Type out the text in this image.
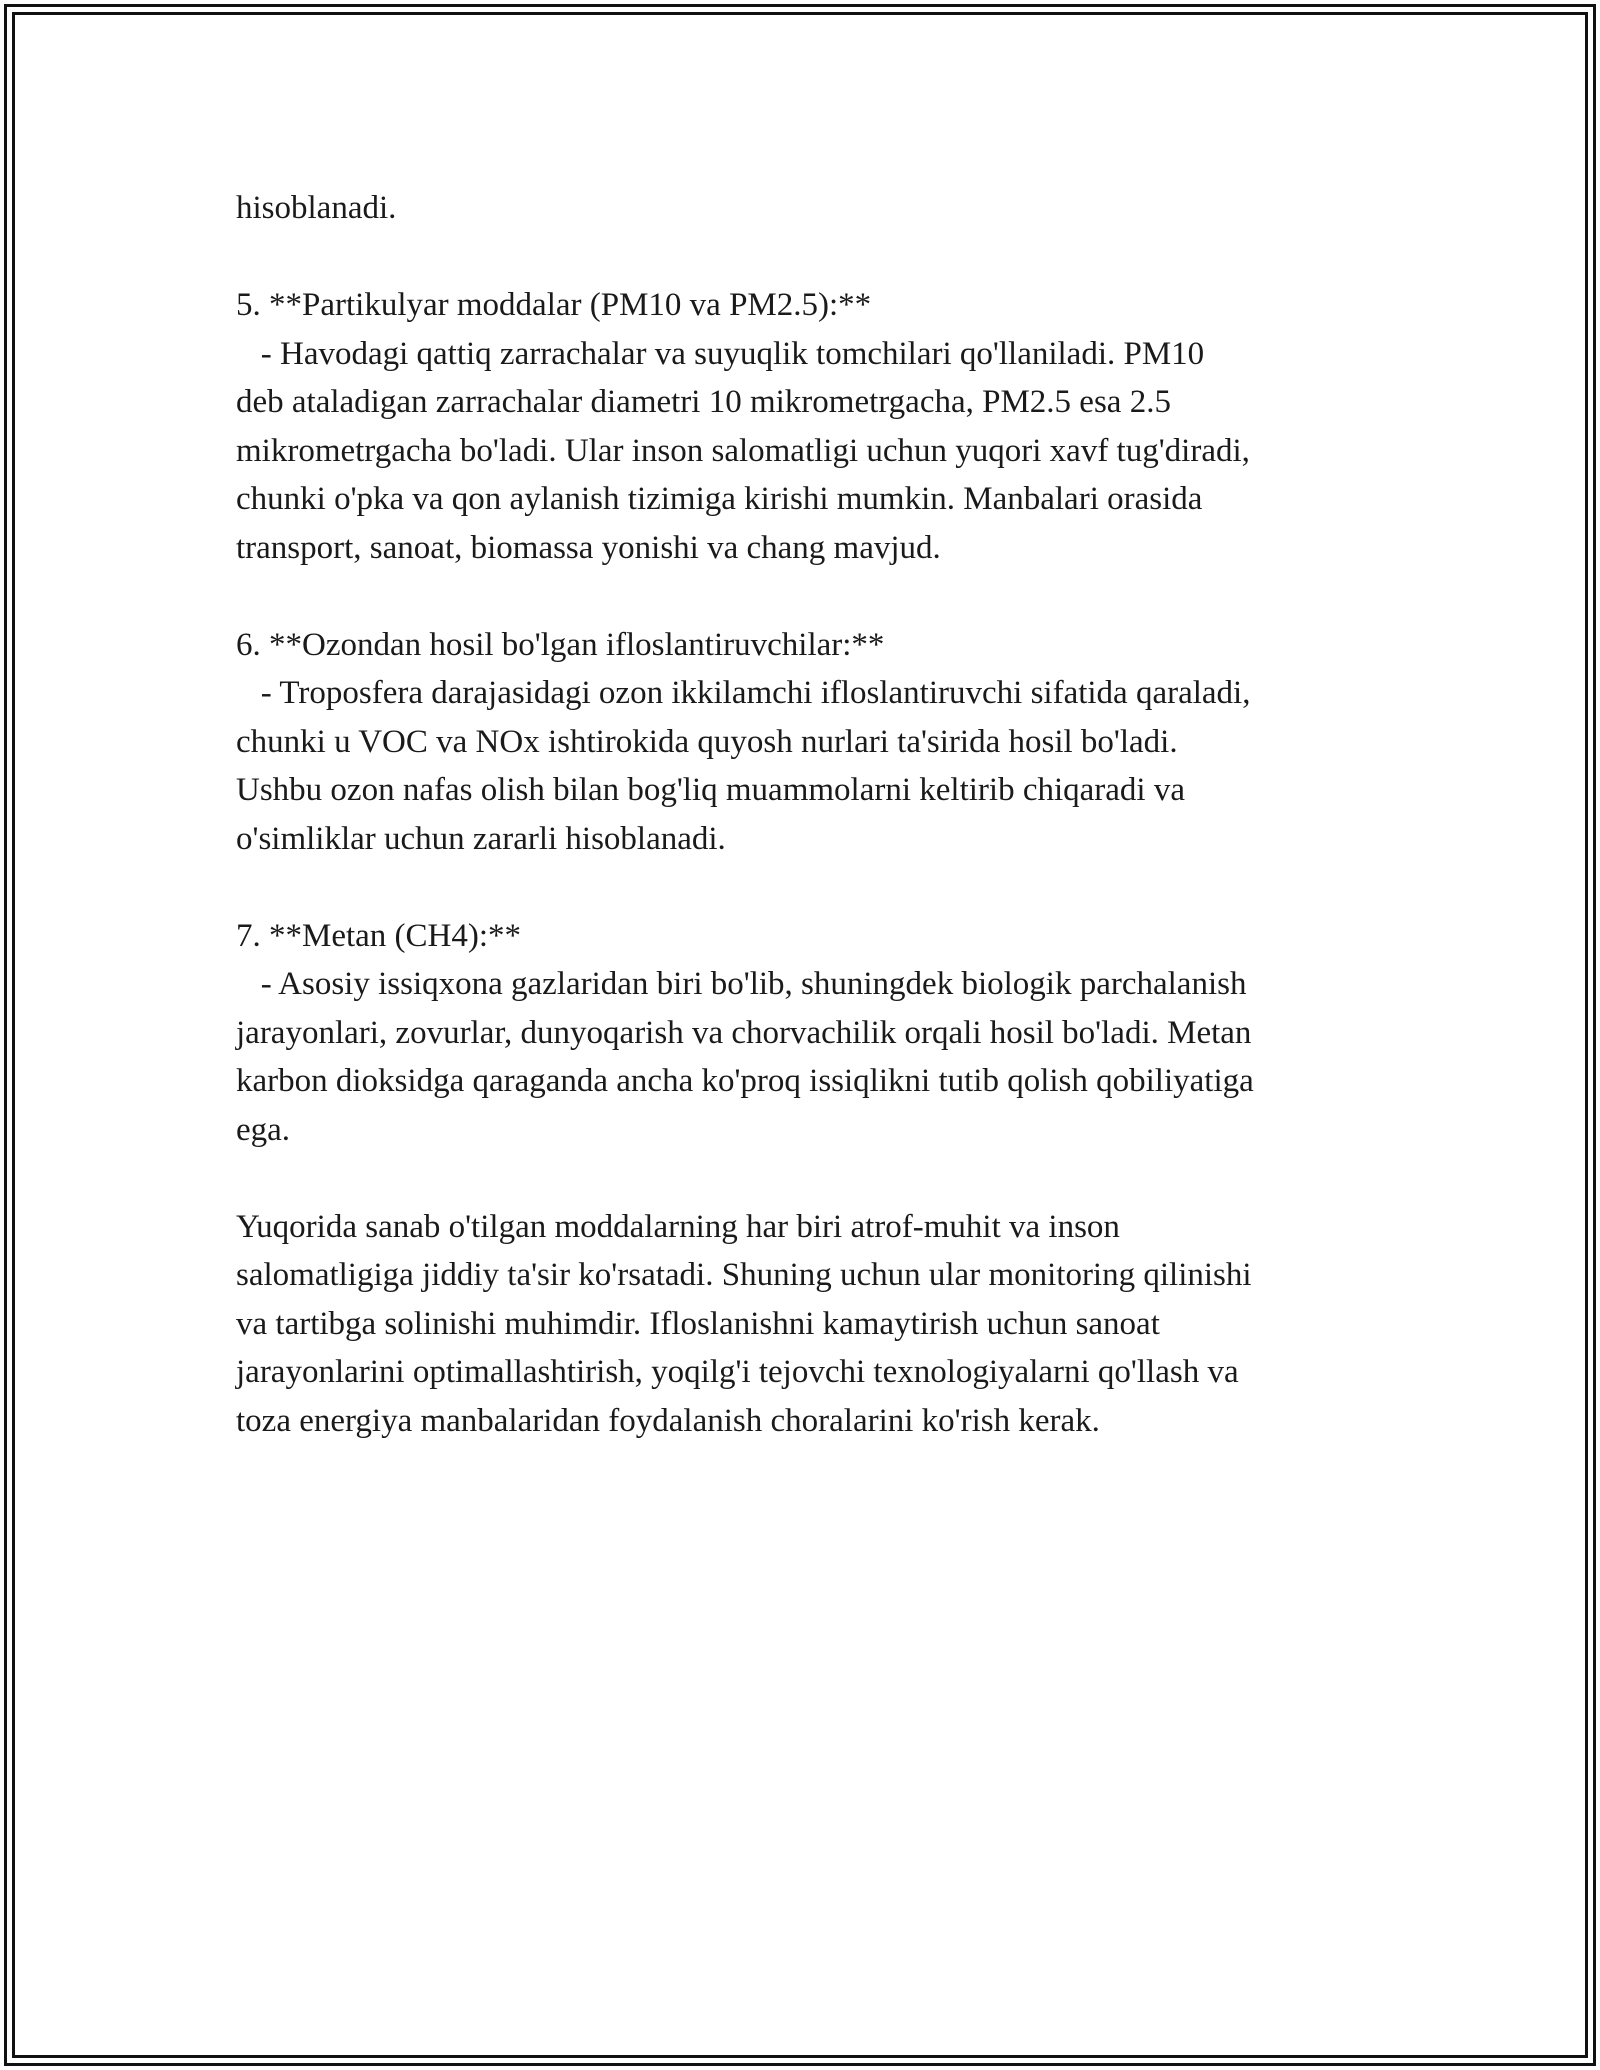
hisoblanadi.
5. **Partikulyar moddalar (PM10 va PM2.5):**
- Havodagi qattiq zarrachalar va suyuqlik tomchilari qo'llaniladi. PM10
deb ataladigan zarrachalar diametri 10 mikrometrgacha, PM2.5 esa 2.5
mikrometrgacha bo'ladi. Ular inson salomatligi uchun yuqori xavf tug'diradi,
chunki o'pka va qon aylanish tizimiga kirishi mumkin. Manbalari orasida
transport, sanoat, biomassa yonishi va chang mavjud.
6. **Ozondan hosil bo'lgan ifloslantiruvchilar:**
- Troposfera darajasidagi ozon ikkilamchi ifloslantiruvchi sifatida qaraladi,
chunki u VOC va NOx ishtirokida quyosh nurlari ta'sirida hosil bo'ladi.
Ushbu ozon nafas olish bilan bog'liq muammolarni keltirib chiqaradi va
o'simliklar uchun zararli hisoblanadi.
7. **Metan (CH4):**
- Asosiy issiqxona gazlaridan biri bo'lib, shuningdek biologik parchalanish
jarayonlari, zovurlar, dunyoqarish va chorvachilik orqali hosil bo'ladi. Metan
karbon dioksidga qaraganda ancha ko'proq issiqlikni tutib qolish qobiliyatiga
ega.
Yuqorida sanab o'tilgan moddalarning har biri atrof-muhit va inson
salomatligiga jiddiy ta'sir ko'rsatadi. Shuning uchun ular monitoring qilinishi
va tartibga solinishi muhimdir. Ifloslanishni kamaytirish uchun sanoat
jarayonlarini optimallashtirish, yoqilg'i tejovchi texnologiyalarni qo'llash va
toza energiya manbalaridan foydalanish choralarini ko'rish kerak.
